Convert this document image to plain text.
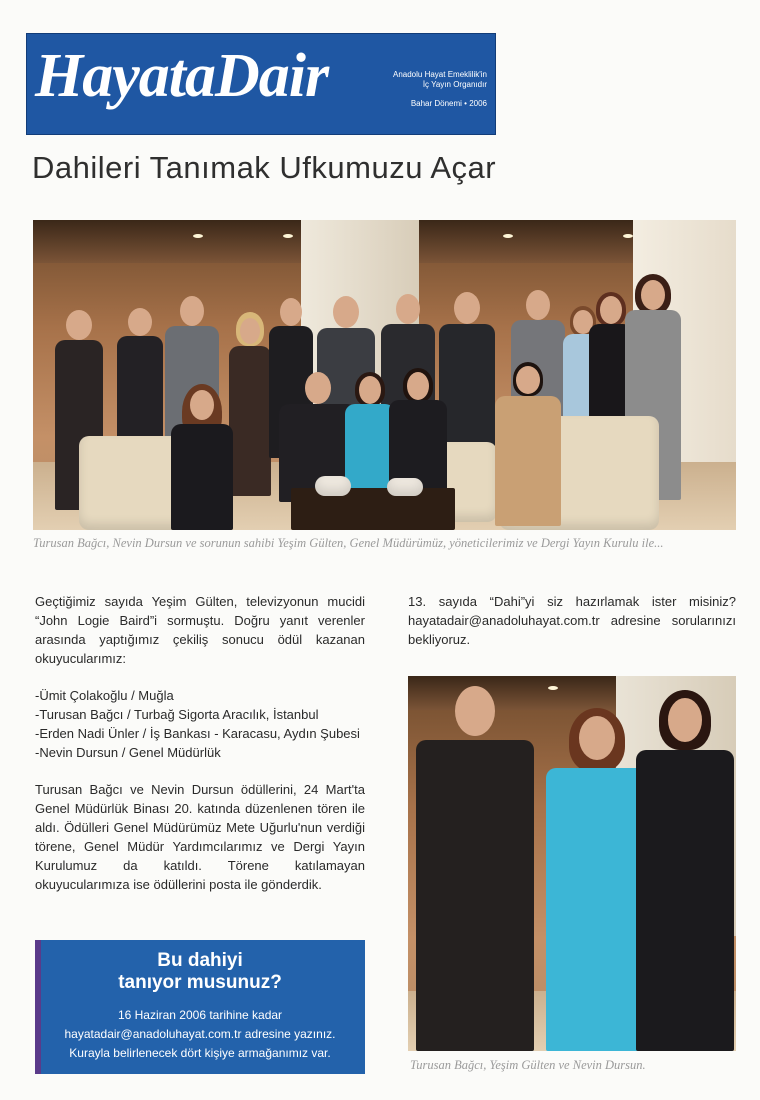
HayataDair	Anadolu Hayat Emeklilik'in
İç Yayın Organıdır
Bahar Dönemi • 2006
Dahileri Tanımak Ufkumuzu Açar
Turusan Bağcı, Nevin Dursun ve sorunun sahibi Yeşim Gülten, Genel Müdürümüz, yöneticilerimiz ve Dergi Yayın Kurulu ile...

Geçtiğimiz sayıda Yeşim Gülten, televizyonun mucidi “John Logie Baird”i sormuştu. Doğru yanıt verenler arasında yaptığımız çekiliş sonucu ödül kazanan okuyucularımız:

-Ümit Çolakoğlu / Muğla
-Turusan Bağcı / Turbağ Sigorta Aracılık, İstanbul
-Erden Nadi Ünler / İş Bankası - Karacasu, Aydın Şubesi
-Nevin Dursun / Genel Müdürlük

Turusan Bağcı ve Nevin Dursun ödüllerini, 24 Mart'ta Genel Müdürlük Binası 20. katında düzenlenen tören ile aldı. Ödülleri Genel Müdürümüz Mete Uğurlu'nun verdiği törene, Genel Müdür Yardımcılarımız ve Dergi Yayın Kurulumuz da katıldı. Törene katılamayan okuyucularımıza ise ödüllerini posta ile gönderdik.

13. sayıda “Dahi”yi siz hazırlamak ister misiniz? hayatadair@anadoluhayat.com.tr adresine sorularınızı bekliyoruz.

Turusan Bağcı, Yeşim Gülten ve Nevin Dursun.
Bu dahiyi
tanıyor musunuz?
16 Haziran 2006 tarihine kadar
hayatadair@anadoluhayat.com.tr adresine yazınız.
Kurayla belirlenecek dört kişiye armağanımız var.
